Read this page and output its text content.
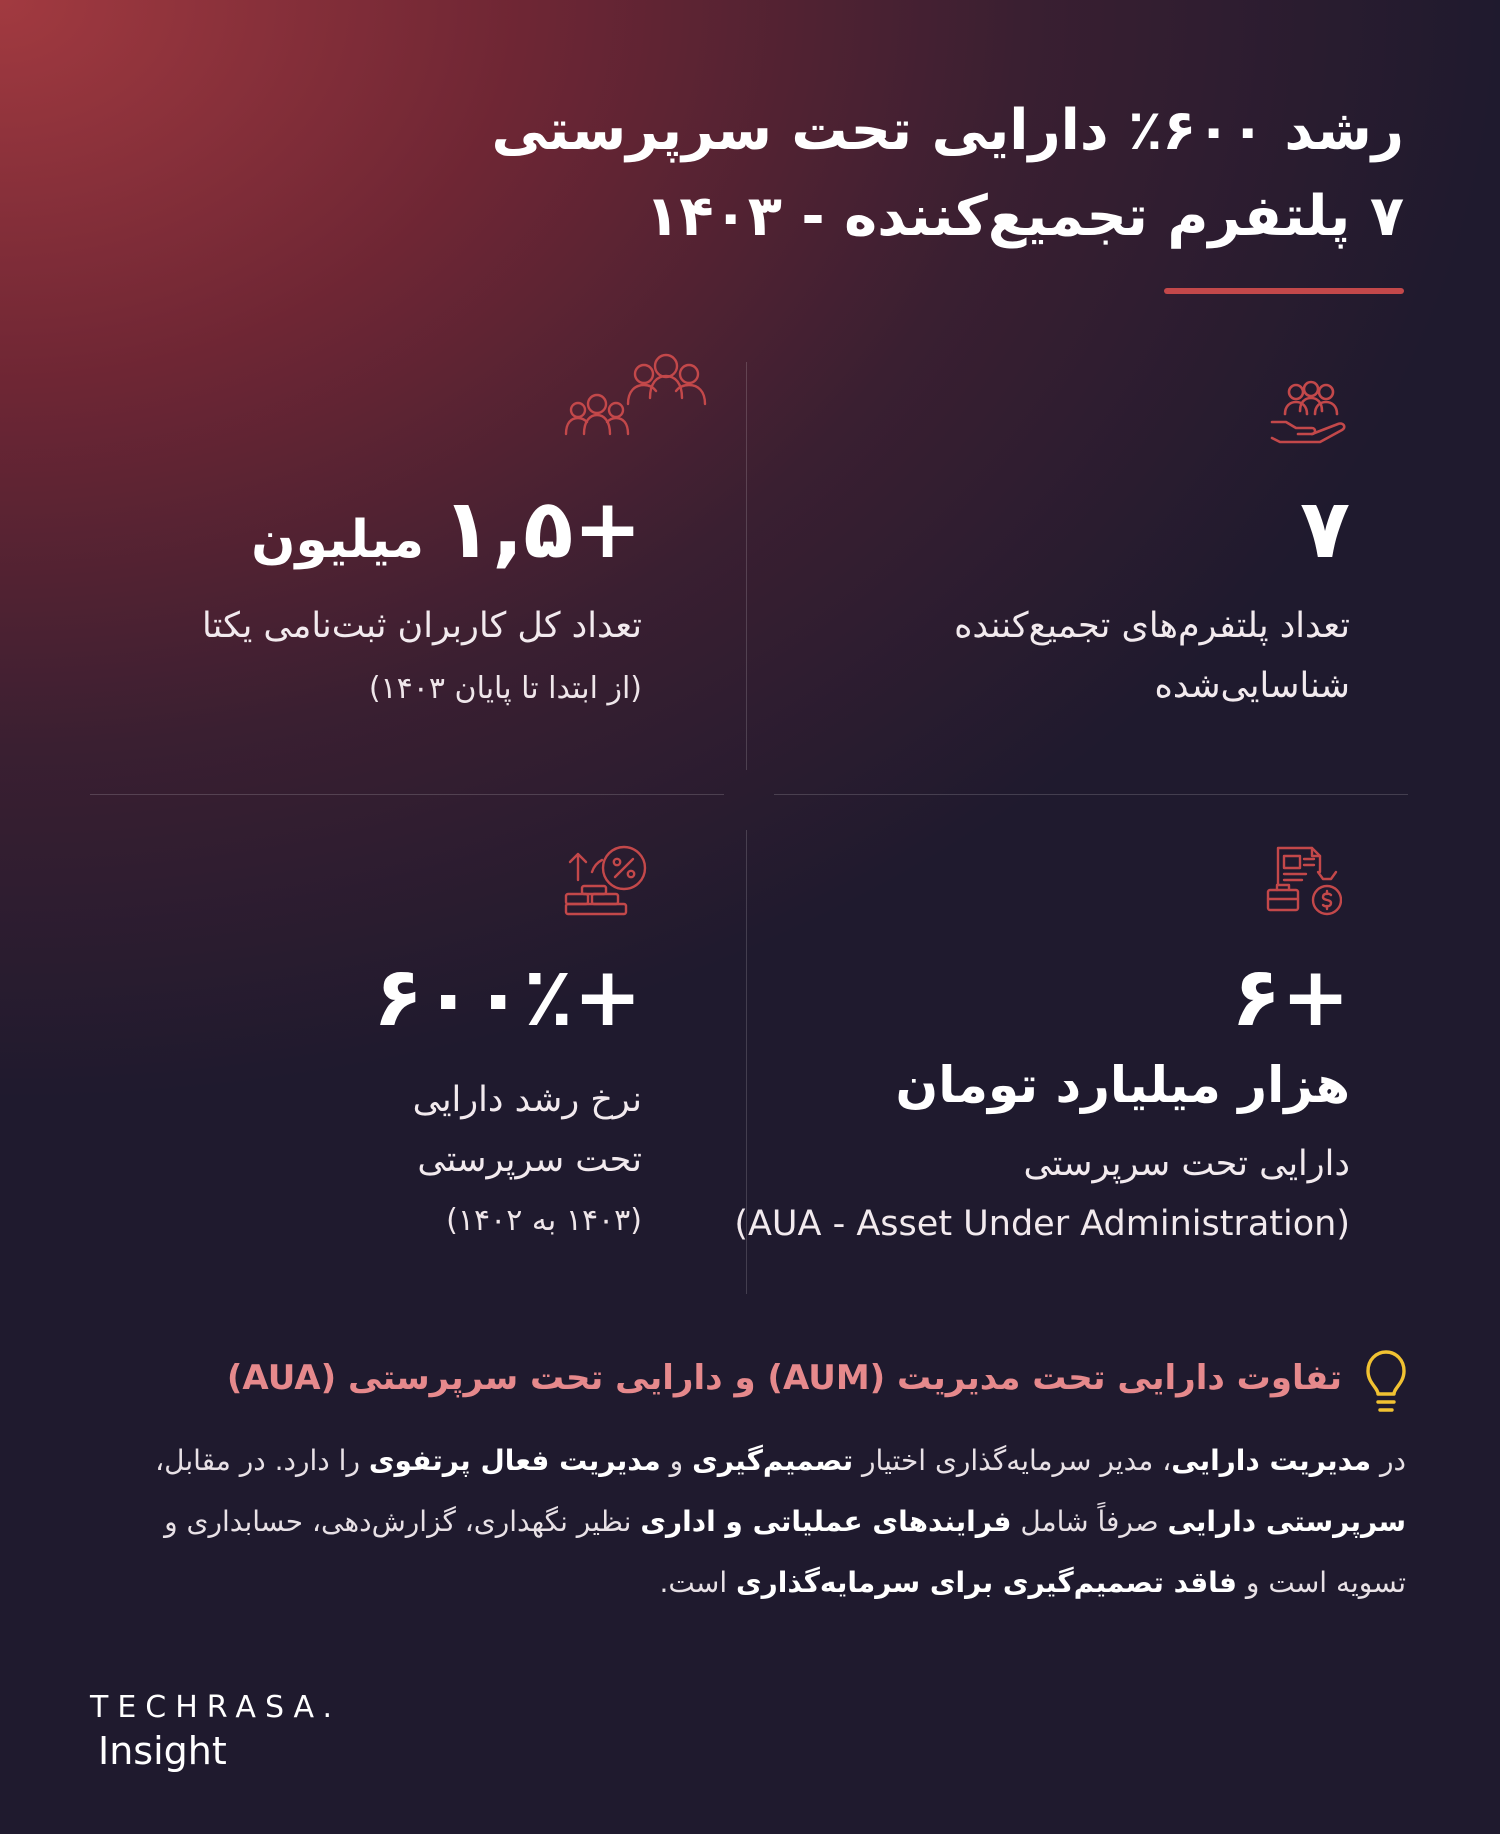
رشد ۶۰۰٪ دارایی تحت سرپرستی
۷ پلتفرم تجمیع‌کننده - ۱۴۰۳
۷
تعداد پلتفرم‌های تجمیع‌کننده
شناسایی‌شده
+۱,۵میلیون
تعداد کل کاربران ثبت‌نامی یکتا
(از ابتدا تا پایان ۱۴۰۳)
+۶
هزار میلیارد تومان
دارایی تحت سرپرستی
(AUA - Asset Under Administration)
+۶۰۰٪
نرخ رشد دارایی
تحت سرپرستی
(۱۴۰۳ به ۱۴۰۲)
تفاوت دارایی تحت مدیریت (AUM) و دارایی تحت سرپرستی (AUA)
در مدیریت دارایی، مدیر سرمایه‌گذاری اختیار تصمیم‌گیری و مدیریت فعال پرتفوی را دارد. در مقابل، سرپرستی دارایی صرفاً شامل فرایندهای عملیاتی و اداری نظیر نگهداری، گزارش‌دهی، حسابداری و تسویه است و فاقد تصمیم‌گیری برای سرمایه‌گذاری است.
TECHRASA.
Insight
